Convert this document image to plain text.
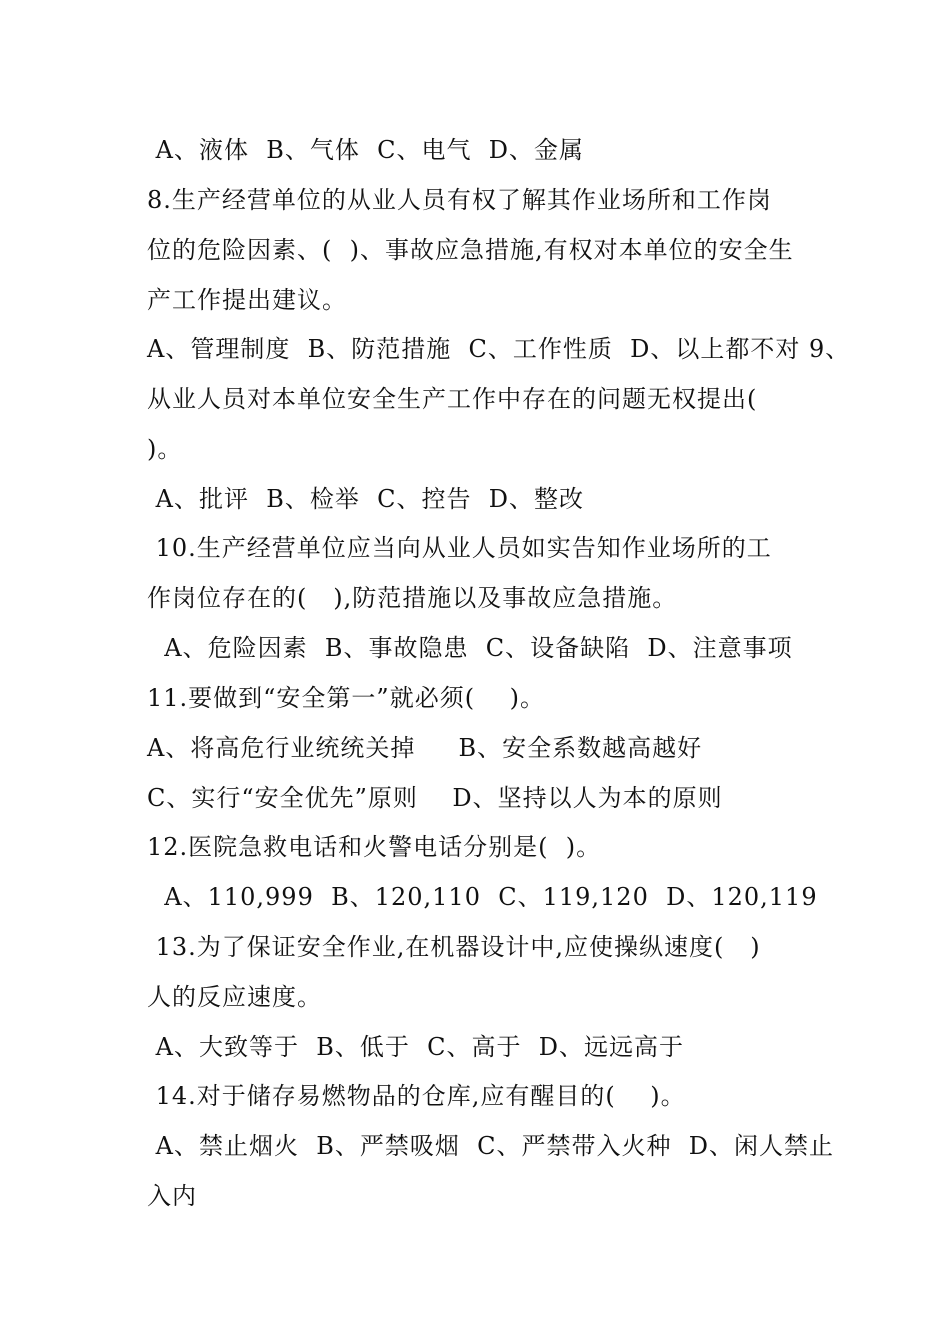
A、液体  B、气体  C、电气  D、金属
8.生产经营单位的从业人员有权了解其作业场所和工作岗
位的危险因素、(  )、事故应急措施,有权对本单位的安全生
产工作提出建议。
A、管理制度  B、防范措施  C、工作性质  D、以上都不对 9、
从业人员对本单位安全生产工作中存在的问题无权提出(
)。
A、批评  B、检举  C、控告  D、整改
10.生产经营单位应当向从业人员如实告知作业场所的工
作岗位存在的(   ),防范措施以及事故应急措施。
A、危险因素  B、事故隐患  C、设备缺陷  D、注意事项
11.要做到“安全第一”就必须(    )。
A、将高危行业统统关掉     B、安全系数越高越好
C、实行“安全优先”原则    D、坚持以人为本的原则
12.医院急救电话和火警电话分别是(  )。
A、110,999  B、120,110  C、119,120  D、120,119
13.为了保证安全作业,在机器设计中,应使操纵速度(   )
人的反应速度。
A、大致等于  B、低于  C、高于  D、远远高于
14.对于储存易燃物品的仓库,应有醒目的(    )。
A、禁止烟火  B、严禁吸烟  C、严禁带入火种  D、闲人禁止
入内
